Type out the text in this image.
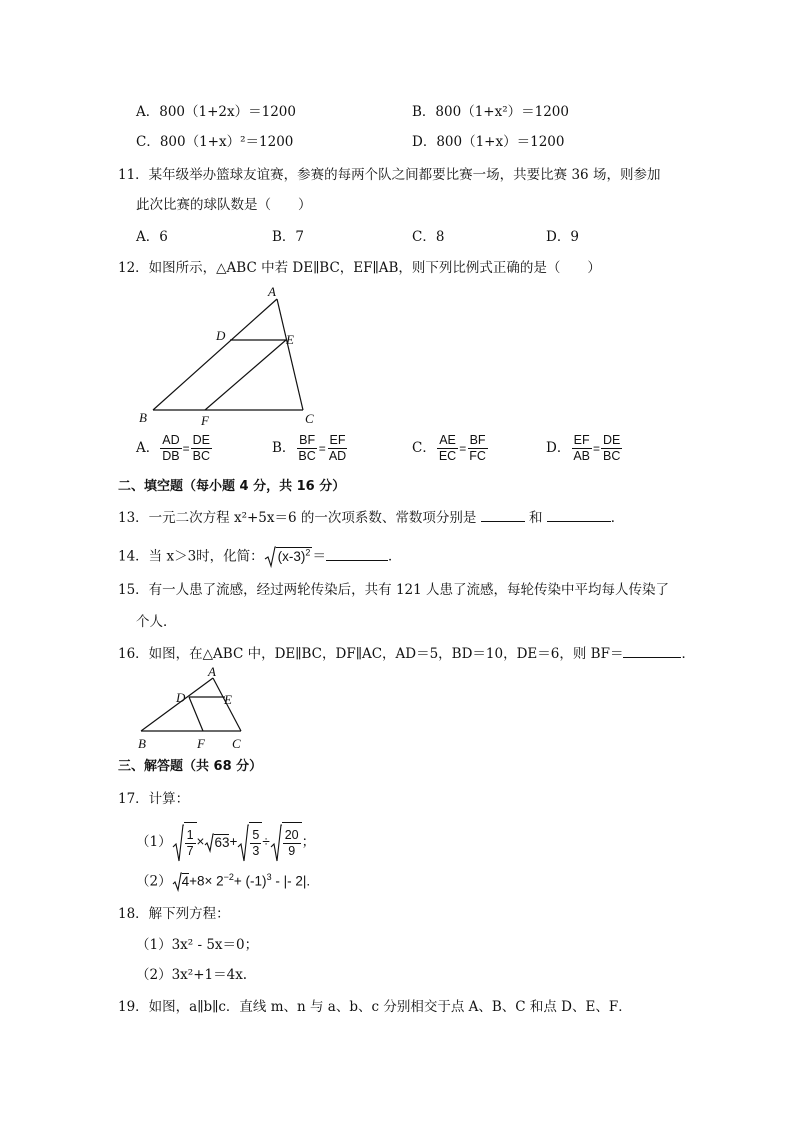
A．800（1+2x）＝1200	B．800（1+x²）＝1200
C．800（1+x）²＝1200	D．800（1+x）＝1200
11．某年级举办篮球友谊赛，参赛的每两个队之间都要比赛一场，共要比赛 36 场，则参加
此次比赛的球队数是（　　）
A．6	B．7	C．8	D．9
12．如图所示，△ABC 中若 DE∥BC，EF∥AB，则下列比例式正确的是（　　）
A
D	E
B	F	C
A． $\frac{AD}{DB} = \frac{DE}{BC}$	B． $\frac{BF}{BC} = \frac{EF}{AD}$	C． $\frac{AE}{EC} = \frac{BF}{FC}$	D． $\frac{EF}{AB} = \frac{DE}{BC}$
二、填空题（每小题 4 分，共 16 分）
13．一元二次方程 x²+5x＝6 的一次项系数、常数项分别是	和	．
14．当 x＞3时，化简： $(x-3)^2$ ＝	．
15．有一人患了流感，经过两轮传染后，共有 121 人患了流感，每轮传染中平均每人传染了
个人．
16．如图，在△ABC 中，DE∥BC，DF∥AC，AD＝5，BD＝10，DE＝6，则 BF＝	．
A
D	E
B	F C
三、解答题（共 68 分）
17．计算：
$(1) \frac{1}{7} \times 63+ \frac{5}{3} \div \frac{20}{9}$ ；
（2） $4+8\times 2^{-2}+ (-1)^3$ - |- 2|.
18．解下列方程：
（1）3x² - 5x＝0；
（2）3x²+1＝4x.
19．如图，a∥b∥c．直线 m、n 与 a、b、c 分别相交于点 A、B、C 和点 D、E、F．
